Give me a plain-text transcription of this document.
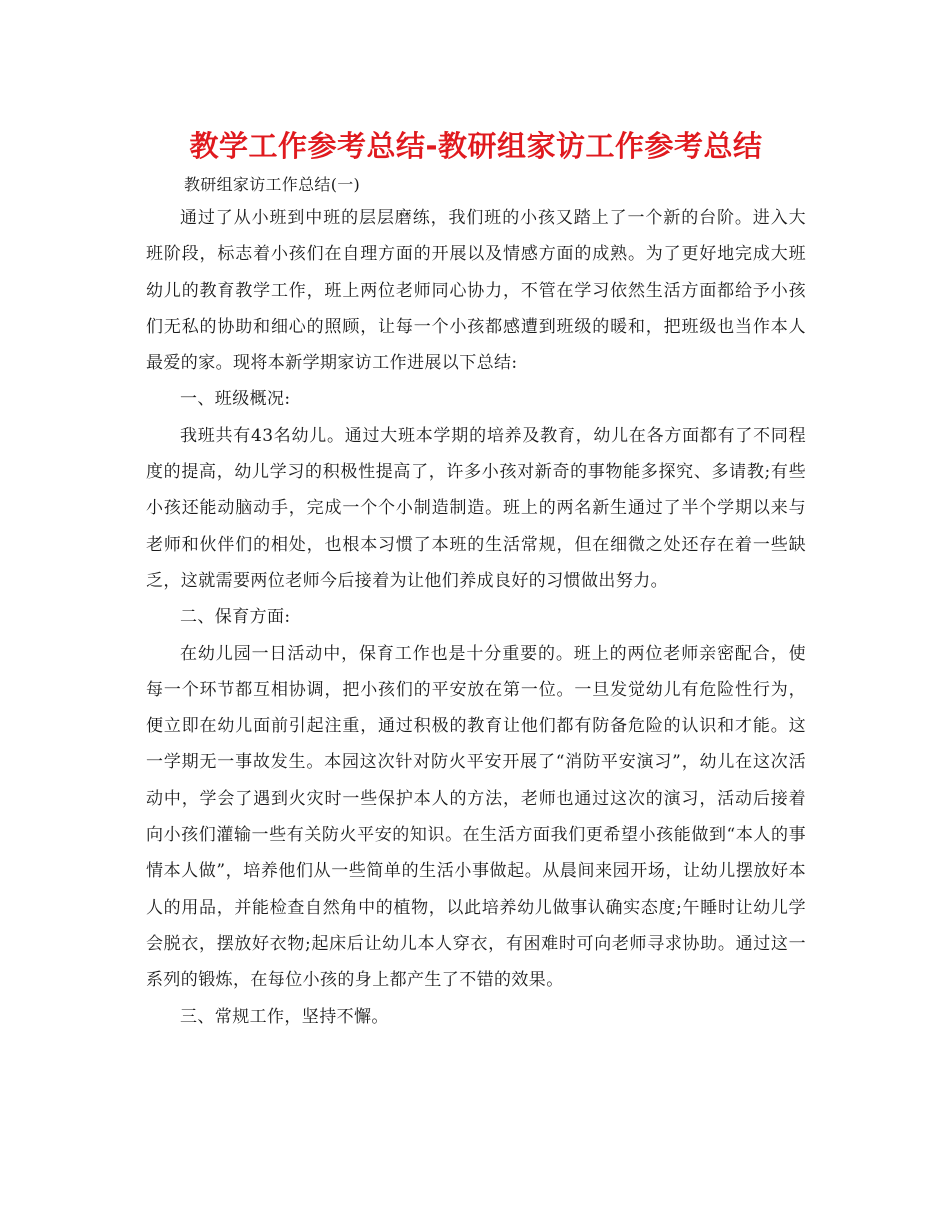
教学工作参考总结-教研组家访工作参考总结

教研组家访工作总结(一)

通过了从小班到中班的层层磨练，我们班的小孩又踏上了一个新的台阶。进入大班阶段，标志着小孩们在自理方面的开展以及情感方面的成熟。为了更好地完成大班幼儿的教育教学工作，班上两位老师同心协力，不管在学习依然生活方面都给予小孩们无私的协助和细心的照顾，让每一个小孩都感遭到班级的暖和，把班级也当作本人最爱的家。现将本新学期家访工作进展以下总结:

一、班级概况:

我班共有43名幼儿。通过大班本学期的培养及教育，幼儿在各方面都有了不同程度的提高，幼儿学习的积极性提高了，许多小孩对新奇的事物能多探究、多请教;有些小孩还能动脑动手，完成一个个小制造制造。班上的两名新生通过了半个学期以来与老师和伙伴们的相处，也根本习惯了本班的生活常规，但在细微之处还存在着一些缺乏，这就需要两位老师今后接着为让他们养成良好的习惯做出努力。

二、保育方面:

在幼儿园一日活动中，保育工作也是十分重要的。班上的两位老师亲密配合，使每一个环节都互相协调，把小孩们的平安放在第一位。一旦发觉幼儿有危险性行为，便立即在幼儿面前引起注重，通过积极的教育让他们都有防备危险的认识和才能。这一学期无一事故发生。本园这次针对防火平安开展了“消防平安演习”，幼儿在这次活动中，学会了遇到火灾时一些保护本人的方法，老师也通过这次的演习，活动后接着向小孩们灌输一些有关防火平安的知识。在生活方面我们更希望小孩能做到“本人的事情本人做”，培养他们从一些简单的生活小事做起。从晨间来园开场，让幼儿摆放好本人的用品，并能检查自然角中的植物，以此培养幼儿做事认确实态度;午睡时让幼儿学会脱衣，摆放好衣物;起床后让幼儿本人穿衣，有困难时可向老师寻求协助。通过这一系列的锻炼，在每位小孩的身上都产生了不错的效果。

三、常规工作，坚持不懈。
